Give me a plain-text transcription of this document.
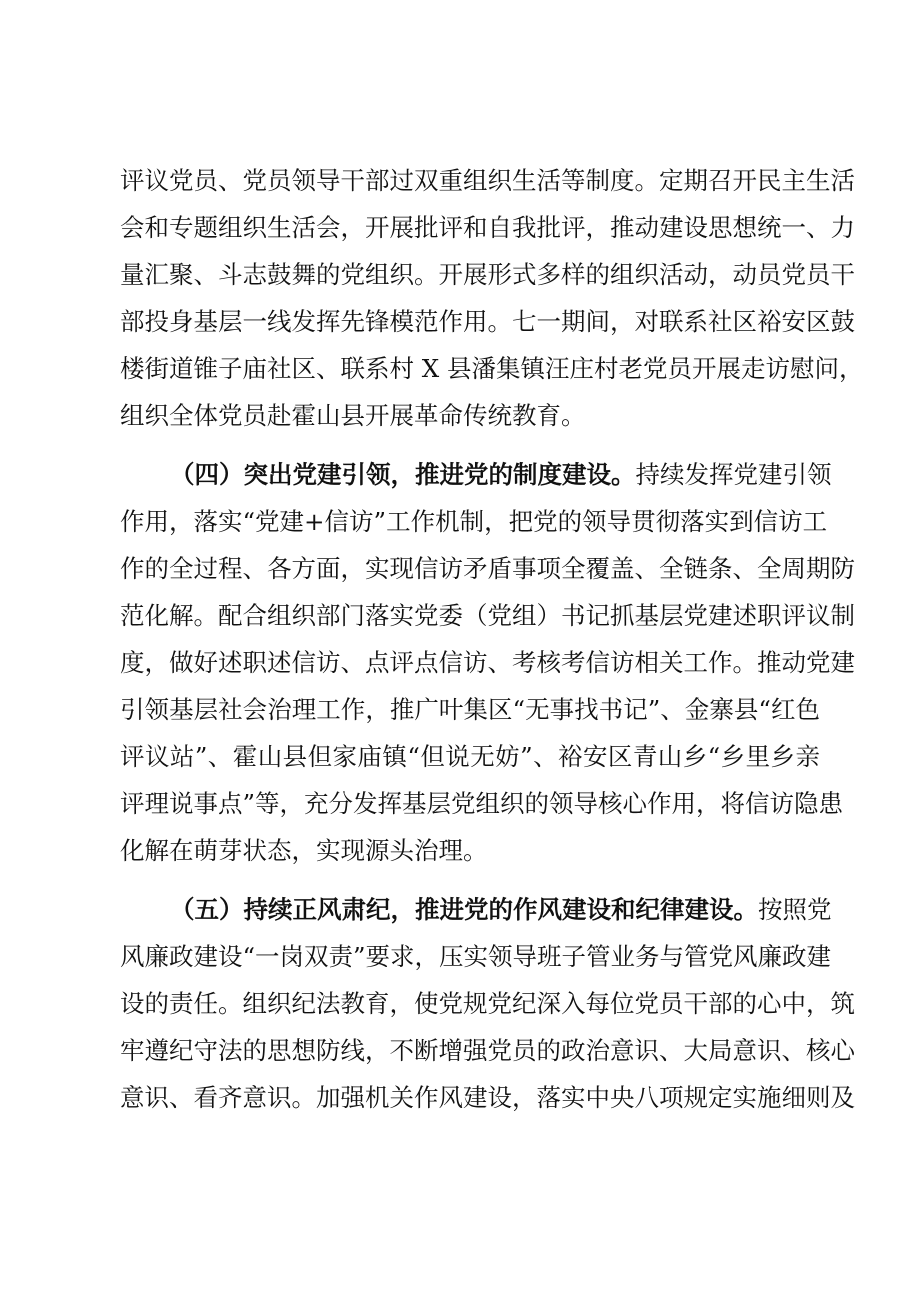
评议党员、党员领导干部过双重组织生活等制度。定期召开民主生活
会和专题组织生活会，开展批评和自我批评，推动建设思想统一、力
量汇聚、斗志鼓舞的党组织。开展形式多样的组织活动，动员党员干
部投身基层一线发挥先锋模范作用。七一期间，对联系社区裕安区鼓
楼街道锥子庙社区、联系村 X 县潘集镇汪庄村老党员开展走访慰问，
组织全体党员赴霍山县开展革命传统教育。
（四）突出党建引领，推进党的制度建设。持续发挥党建引领
作用，落实“党建+信访”工作机制，把党的领导贯彻落实到信访工
作的全过程、各方面，实现信访矛盾事项全覆盖、全链条、全周期防
范化解。配合组织部门落实党委（党组）书记抓基层党建述职评议制
度，做好述职述信访、点评点信访、考核考信访相关工作。推动党建
引领基层社会治理工作，推广叶集区“无事找书记”、金寨县“红色
评议站”、霍山县但家庙镇“但说无妨”、裕安区青山乡“乡里乡亲
评理说事点”等，充分发挥基层党组织的领导核心作用，将信访隐患
化解在萌芽状态，实现源头治理。
（五）持续正风肃纪，推进党的作风建设和纪律建设。按照党
风廉政建设“一岗双责”要求，压实领导班子管业务与管党风廉政建
设的责任。组织纪法教育，使党规党纪深入每位党员干部的心中，筑
牢遵纪守法的思想防线，不断增强党员的政治意识、大局意识、核心
意识、看齐意识。加强机关作风建设，落实中央八项规定实施细则及
